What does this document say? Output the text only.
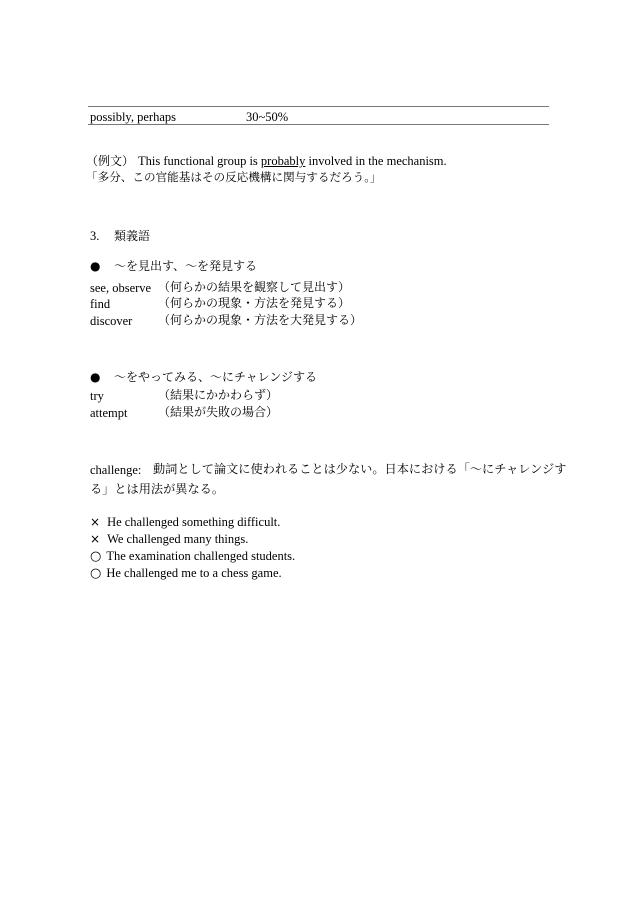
possibly, perhaps	30~50%
（例文） This functional group is probably involved in the mechanism.
「多分、この官能基はその反応機構に関与するだろう。」
3. 類義語
● ～を見出す、～を発見する
see, observe （何らかの結果を観察して見出す）
find	（何らかの現象・方法を発見する）
discover （何らかの現象・方法を大発見する）
● ～をやってみる、～にチャレンジする
try	（結果にかかわらず）
attempt	（結果が失敗の場合）
challenge: 動詞として論文に使われることは少ない。日本における「～にチャレンジす
る」とは用法が異なる。
× He challenged something difficult.
× We challenged many things.
○ The examination challenged students.
○ He challenged me to a chess game.
